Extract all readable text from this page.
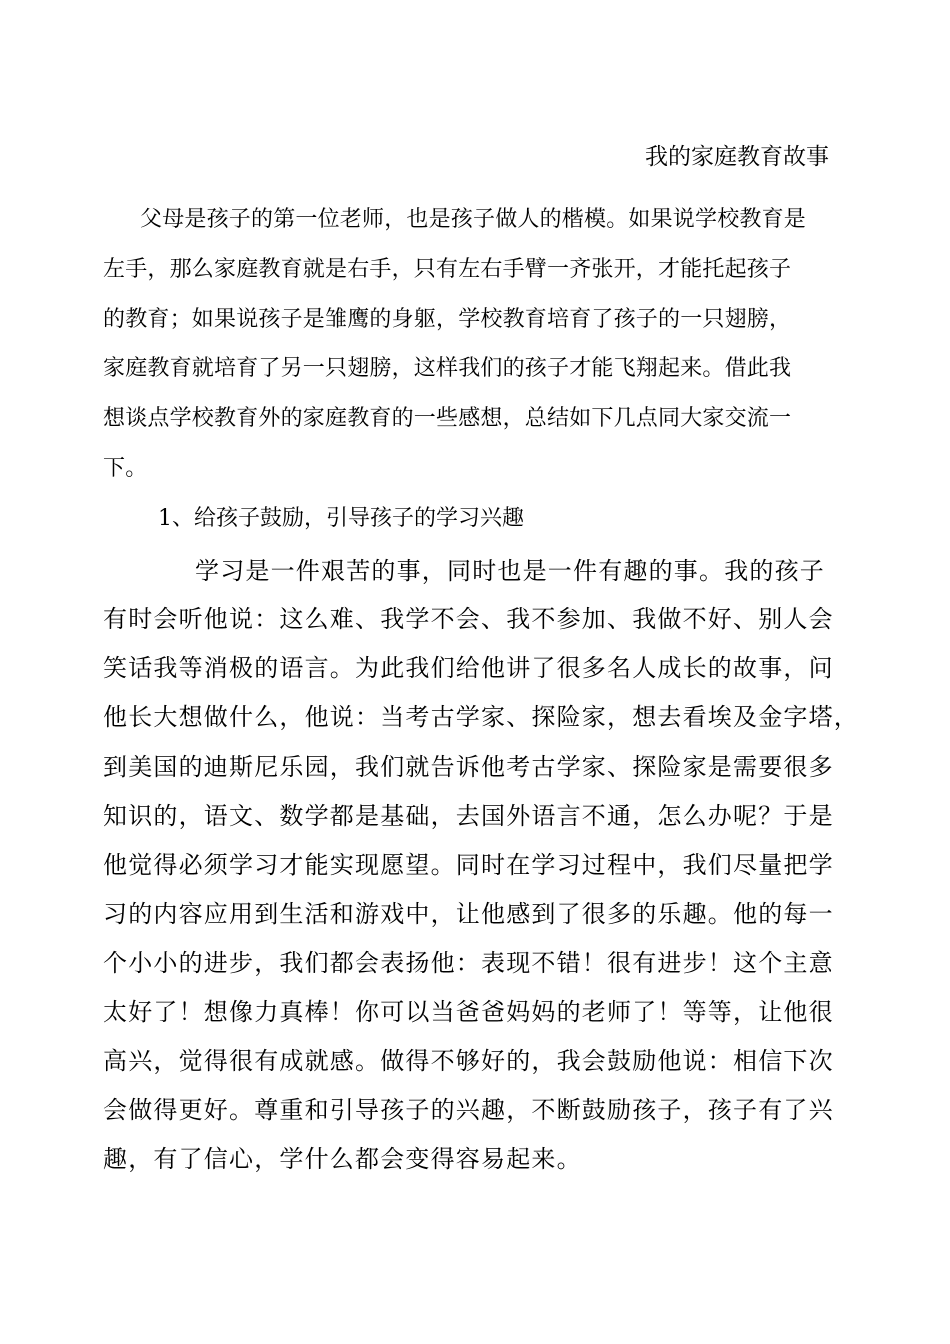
我的家庭教育故事
父母是孩子的第一位老师，也是孩子做人的楷模。如果说学校教育是
左手，那么家庭教育就是右手，只有左右手臂一齐张开，才能托起孩子
的教育；如果说孩子是雏鹰的身躯，学校教育培育了孩子的一只翅膀，
家庭教育就培育了另一只翅膀，这样我们的孩子才能飞翔起来。借此我
想谈点学校教育外的家庭教育的一些感想，总结如下几点同大家交流一
下。
1、给孩子鼓励，引导孩子的学习兴趣
学习是一件艰苦的事，同时也是一件有趣的事。我的孩子
有时会听他说：这么难、我学不会、我不参加、我做不好、别人会
笑话我等消极的语言。为此我们给他讲了很多名人成长的故事，问
他长大想做什么，他说：当考古学家、探险家，想去看埃及金字塔，
到美国的迪斯尼乐园，我们就告诉他考古学家、探险家是需要很多
知识的，语文、数学都是基础，去国外语言不通，怎么办呢？于是
他觉得必须学习才能实现愿望。同时在学习过程中，我们尽量把学
习的内容应用到生活和游戏中，让他感到了很多的乐趣。他的每一
个小小的进步，我们都会表扬他：表现不错！很有进步！这个主意
太好了！想像力真棒！你可以当爸爸妈妈的老师了！等等，让他很
高兴，觉得很有成就感。做得不够好的，我会鼓励他说：相信下次
会做得更好。尊重和引导孩子的兴趣，不断鼓励孩子，孩子有了兴
趣，有了信心，学什么都会变得容易起来。
